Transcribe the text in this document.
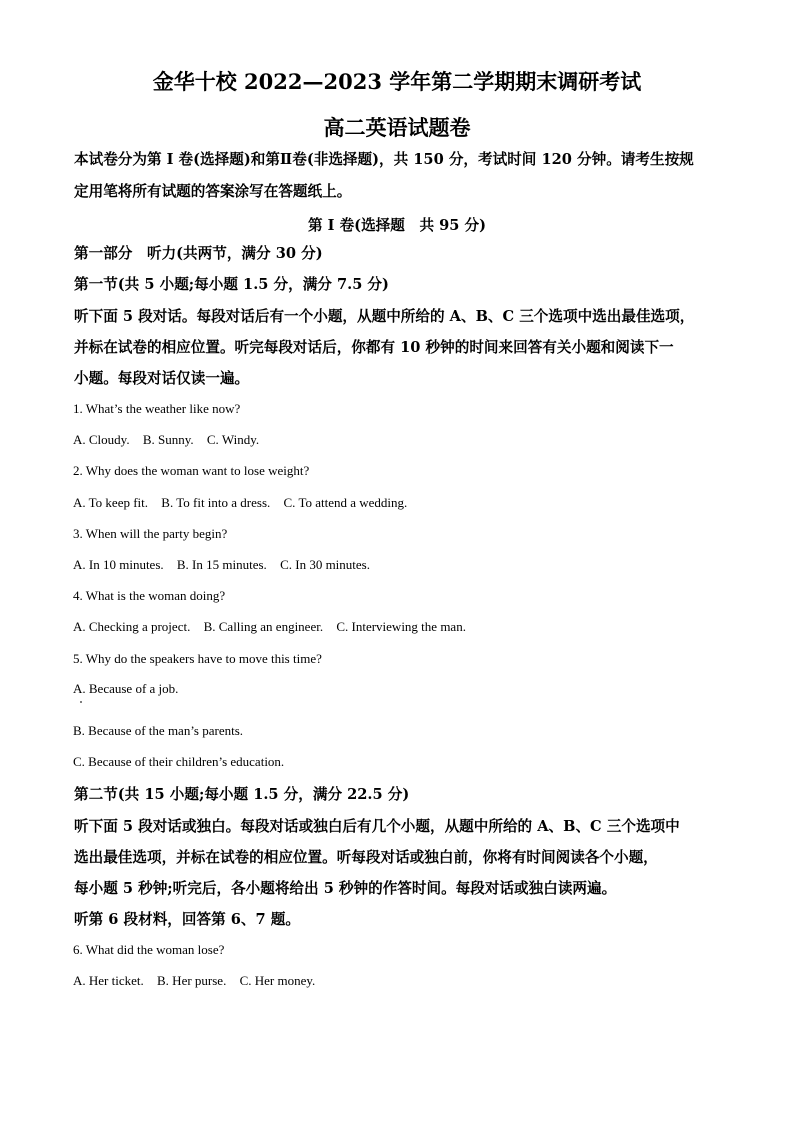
金华十校 2022—2023 学年第二学期期末调研考试
高二英语试题卷
本试卷分为第 I 卷(选择题)和第Ⅱ卷(非选择题)，共 150 分，考试时间 120 分钟。请考生按规
定用笔将所有试题的答案涂写在答题纸上。
第 I 卷(选择题　共 95 分)
第一部分　听力(共两节，满分 30 分)
第一节(共 5 小题;每小题 1.5 分，满分 7.5 分)
听下面 5 段对话。每段对话后有一个小题，从题中所给的 A、B、C 三个选项中选出最佳选项，
并标在试卷的相应位置。听完每段对话后，你都有 10 秒钟的时间来回答有关小题和阅读下一
小题。每段对话仅读一遍。
1. What’s the weather like now?
A. Cloudy. B. Sunny. C. Windy.
2. Why does the woman want to lose weight?
A. To keep fit. B. To fit into a dress. C. To attend a wedding.
3. When will the party begin?
A. In 10 minutes. B. In 15 minutes. C. In 30 minutes.
4. What is the woman doing?
A. Checking a project. B. Calling an engineer. C. Interviewing the man.
5. Why do the speakers have to move this time?
A. Because of a job.
B. Because of the man’s parents.
C. Because of their children’s education.
第二节(共 15 小题;每小题 1.5 分，满分 22.5 分)
听下面 5 段对话或独白。每段对话或独白后有几个小题，从题中所给的 A、B、C 三个选项中
选出最佳选项，并标在试卷的相应位置。听每段对话或独白前，你将有时间阅读各个小题，
每小题 5 秒钟;听完后，各小题将给出 5 秒钟的作答时间。每段对话或独白读两遍。
听第 6 段材料，回答第 6、7 题。
6. What did the woman lose?
A. Her ticket. B. Her purse. C. Her money.
